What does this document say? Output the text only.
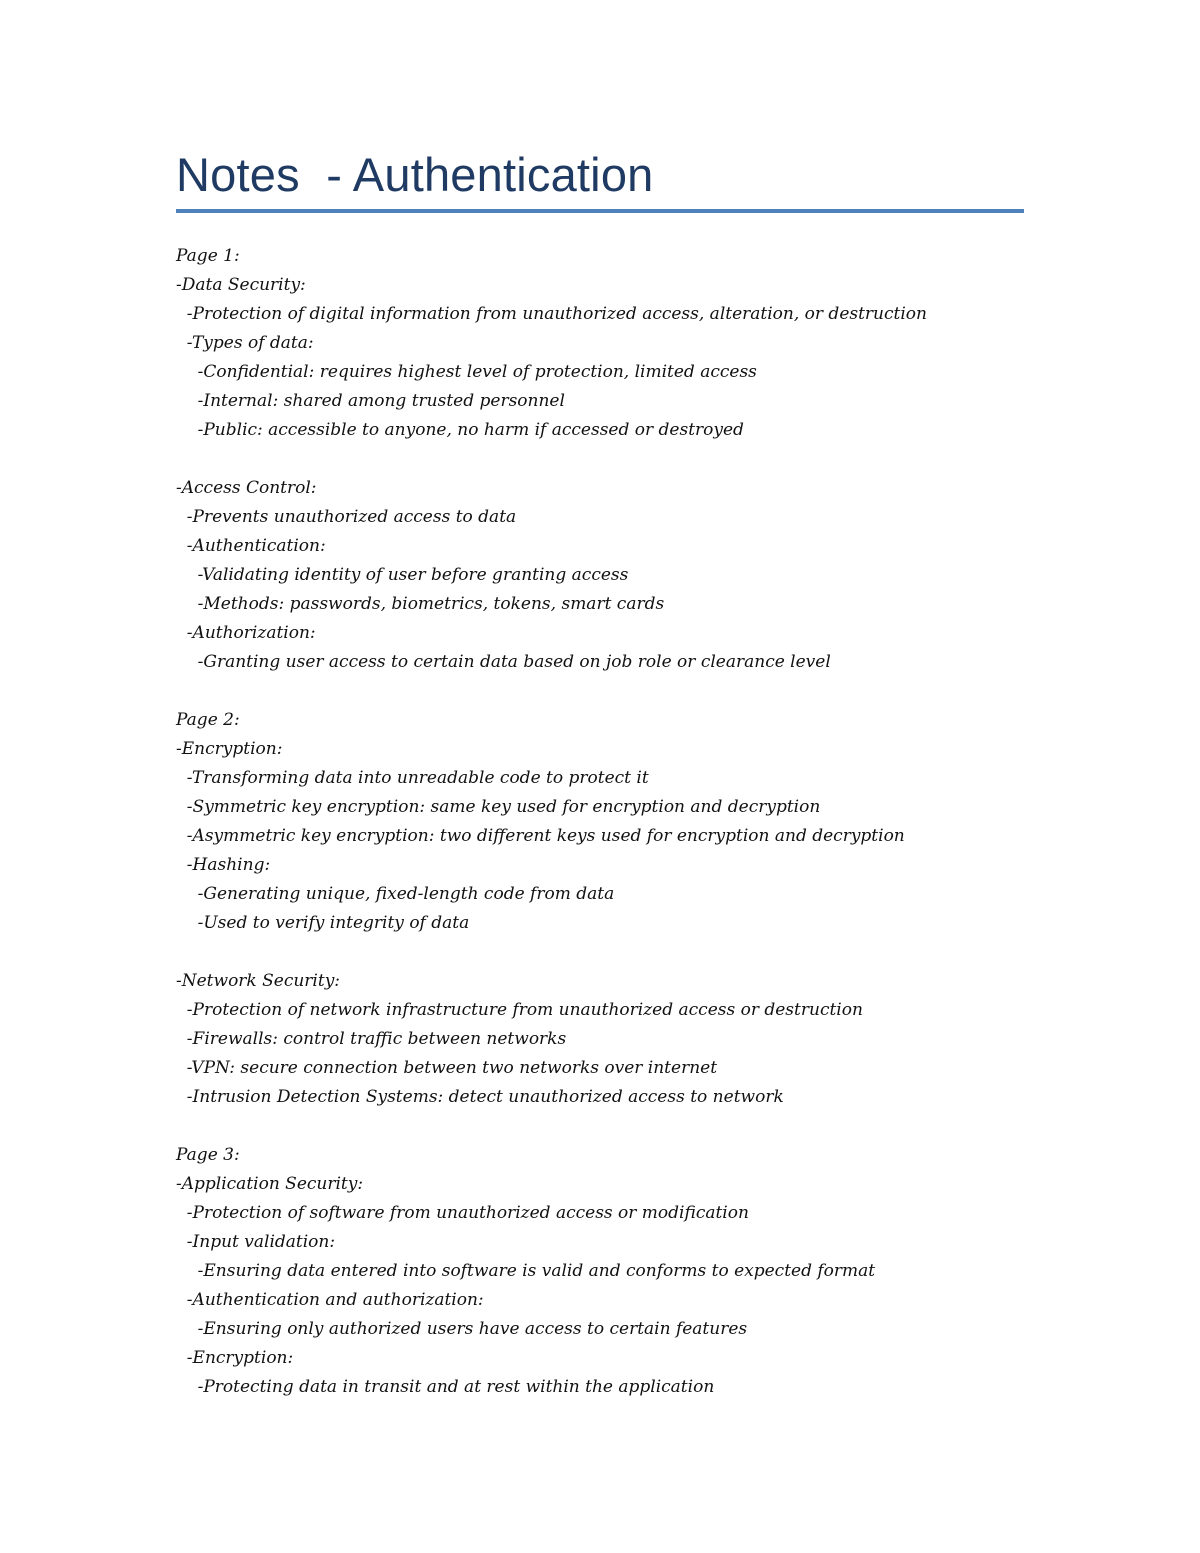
Notes  - Authentication
Page 1:
-Data Security:
-Protection of digital information from unauthorized access, alteration, or destruction
-Types of data:
-Confidential: requires highest level of protection, limited access
-Internal: shared among trusted personnel
-Public: accessible to anyone, no harm if accessed or destroyed
-Access Control:
-Prevents unauthorized access to data
-Authentication:
-Validating identity of user before granting access
-Methods: passwords, biometrics, tokens, smart cards
-Authorization:
-Granting user access to certain data based on job role or clearance level
Page 2:
-Encryption:
-Transforming data into unreadable code to protect it
-Symmetric key encryption: same key used for encryption and decryption
-Asymmetric key encryption: two different keys used for encryption and decryption
-Hashing:
-Generating unique, fixed-length code from data
-Used to verify integrity of data
-Network Security:
-Protection of network infrastructure from unauthorized access or destruction
-Firewalls: control traffic between networks
-VPN: secure connection between two networks over internet
-Intrusion Detection Systems: detect unauthorized access to network
Page 3:
-Application Security:
-Protection of software from unauthorized access or modification
-Input validation:
-Ensuring data entered into software is valid and conforms to expected format
-Authentication and authorization:
-Ensuring only authorized users have access to certain features
-Encryption:
-Protecting data in transit and at rest within the application
